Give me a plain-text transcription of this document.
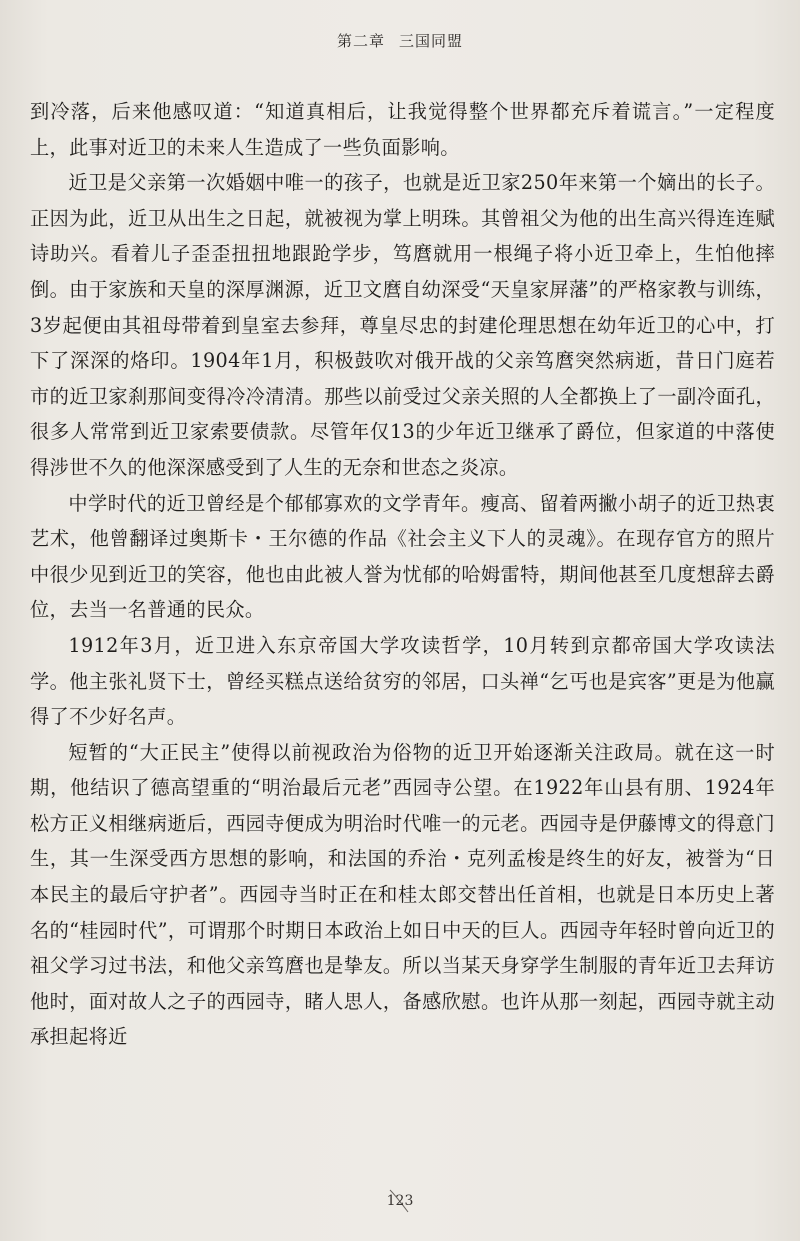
第二章 三国同盟

到冷落，后来他感叹道：“知道真相后，让我觉得整个世界都充斥着谎言。”一定程度上，此事对近卫的未来人生造成了一些负面影响。

近卫是父亲第一次婚姻中唯一的孩子，也就是近卫家250年来第一个嫡出的长子。正因为此，近卫从出生之日起，就被视为掌上明珠。其曾祖父为他的出生高兴得连连赋诗助兴。看着儿子歪歪扭扭地跟跄学步，笃麿就用一根绳子将小近卫牵上，生怕他摔倒。由于家族和天皇的深厚渊源，近卫文麿自幼深受“天皇家屏藩”的严格家教与训练，3岁起便由其祖母带着到皇室去参拜，尊皇尽忠的封建伦理思想在幼年近卫的心中，打下了深深的烙印。1904年1月，积极鼓吹对俄开战的父亲笃麿突然病逝，昔日门庭若市的近卫家刹那间变得冷冷清清。那些以前受过父亲关照的人全都换上了一副冷面孔，很多人常常到近卫家索要债款。尽管年仅13的少年近卫继承了爵位，但家道的中落使得涉世不久的他深深感受到了人生的无奈和世态之炎凉。

中学时代的近卫曾经是个郁郁寡欢的文学青年。瘦高、留着两撇小胡子的近卫热衷艺术，他曾翻译过奥斯卡・王尔德的作品《社会主义下人的灵魂》。在现存官方的照片中很少见到近卫的笑容，他也由此被人誉为忧郁的哈姆雷特，期间他甚至几度想辞去爵位，去当一名普通的民众。

1912年3月，近卫进入东京帝国大学攻读哲学，10月转到京都帝国大学攻读法学。他主张礼贤下士，曾经买糕点送给贫穷的邻居，口头禅“乞丐也是宾客”更是为他赢得了不少好名声。

短暂的“大正民主”使得以前视政治为俗物的近卫开始逐渐关注政局。就在这一时期，他结识了德高望重的“明治最后元老”西园寺公望。在1922年山县有朋、1924年松方正义相继病逝后，西园寺便成为明治时代唯一的元老。西园寺是伊藤博文的得意门生，其一生深受西方思想的影响，和法国的乔治・克列孟梭是终生的好友，被誉为“日本民主的最后守护者”。西园寺当时正在和桂太郎交替出任首相，也就是日本历史上著名的“桂园时代”，可谓那个时期日本政治上如日中天的巨人。西园寺年轻时曾向近卫的祖父学习过书法，和他父亲笃麿也是挚友。所以当某天身穿学生制服的青年近卫去拜访他时，面对故人之子的西园寺，睹人思人，备感欣慰。也许从那一刻起，西园寺就主动承担起将近

123
